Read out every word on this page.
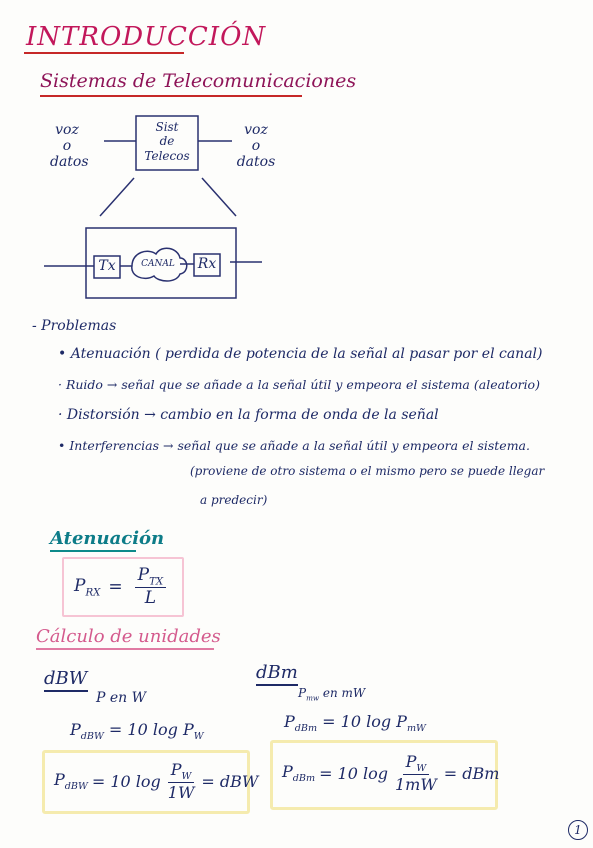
INTRODUCCIÓN
Sistemas de Telecomunicaciones
voz
o
datos
voz
o
datos
Sist
de
Telecos
Tx	CANAL Rx
- Problemas
• Atenuación ( perdida de potencia de la señal al pasar por el canal)
· Ruido → señal que se añade a la señal útil y empeora el sistema (aleatorio)
· Distorsión → cambio en la forma de onda de la señal
• Interferencias → señal que se añade a la señal útil y empeora el sistema.
(proviene de otro sistema o el mismo pero se puede llegar
a predecir)
Atenuación
$P_{RX} = \frac{P_{TX}}{L}$
Cálculo de unidades
dBW
P en W
$P_{dBW} = 10$ $\log P_W$
$P_{dBW} = 10$ $\log \frac{P_W}{1W}$ = dBW
dBm
$P_{mw}$ en mW
$P_{dBm} = 10$ $\log P_{mW}$
$P_{dBm} = 10$ $\log \frac{P_W}{1mW}$ = dBm
1
